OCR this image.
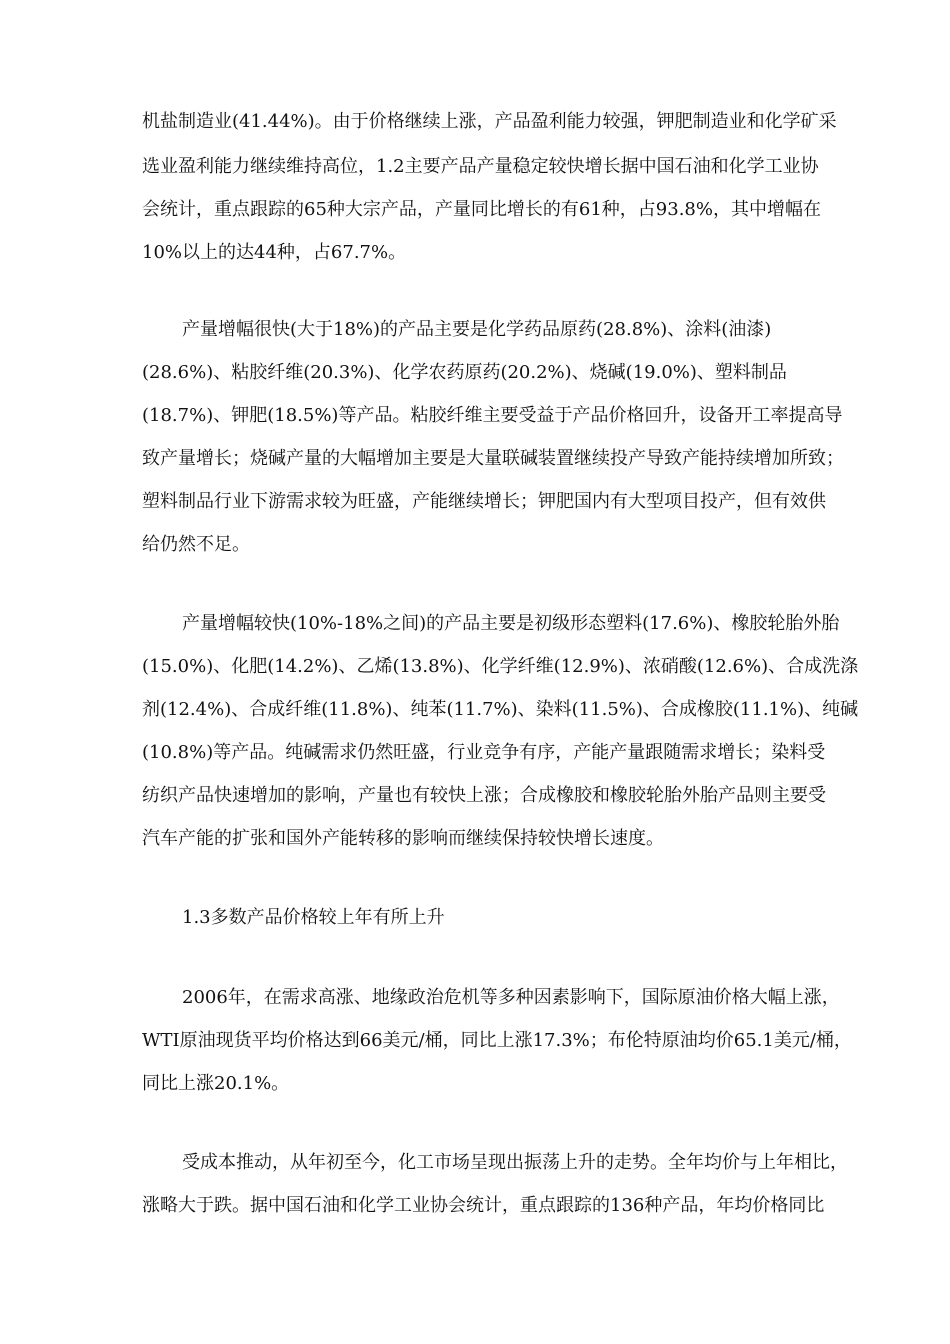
机盐制造业(41.44%)。由于价格继续上涨，产品盈利能力较强，钾肥制造业和化学矿采
选业盈利能力继续维持高位，1.2主要产品产量稳定较快增长据中国石油和化学工业协
会统计，重点跟踪的65种大宗产品，产量同比增长的有61种，占93.8%，其中增幅在
10%以上的达44种，占67.7%。
产量增幅很快(大于18%)的产品主要是化学药品原药(28.8%)、涂料(油漆)
(28.6%)、粘胶纤维(20.3%)、化学农药原药(20.2%)、烧碱(19.0%)、塑料制品
(18.7%)、钾肥(18.5%)等产品。粘胶纤维主要受益于产品价格回升，设备开工率提高导
致产量增长；烧碱产量的大幅增加主要是大量联碱装置继续投产导致产能持续增加所致；
塑料制品行业下游需求较为旺盛，产能继续增长；钾肥国内有大型项目投产，但有效供
给仍然不足。
产量增幅较快(10%-18%之间)的产品主要是初级形态塑料(17.6%)、橡胶轮胎外胎
(15.0%)、化肥(14.2%)、乙烯(13.8%)、化学纤维(12.9%)、浓硝酸(12.6%)、合成洗涤
剂(12.4%)、合成纤维(11.8%)、纯苯(11.7%)、染料(11.5%)、合成橡胶(11.1%)、纯碱
(10.8%)等产品。纯碱需求仍然旺盛，行业竞争有序，产能产量跟随需求增长；染料受
纺织产品快速增加的影响，产量也有较快上涨；合成橡胶和橡胶轮胎外胎产品则主要受
汽车产能的扩张和国外产能转移的影响而继续保持较快增长速度。
1.3多数产品价格较上年有所上升
2006年，在需求高涨、地缘政治危机等多种因素影响下，国际原油价格大幅上涨，
WTI原油现货平均价格达到66美元/桶，同比上涨17.3%；布伦特原油均价65.1美元/桶，
同比上涨20.1%。
受成本推动，从年初至今，化工市场呈现出振荡上升的走势。全年均价与上年相比，
涨略大于跌。据中国石油和化学工业协会统计，重点跟踪的136种产品，年均价格同比
